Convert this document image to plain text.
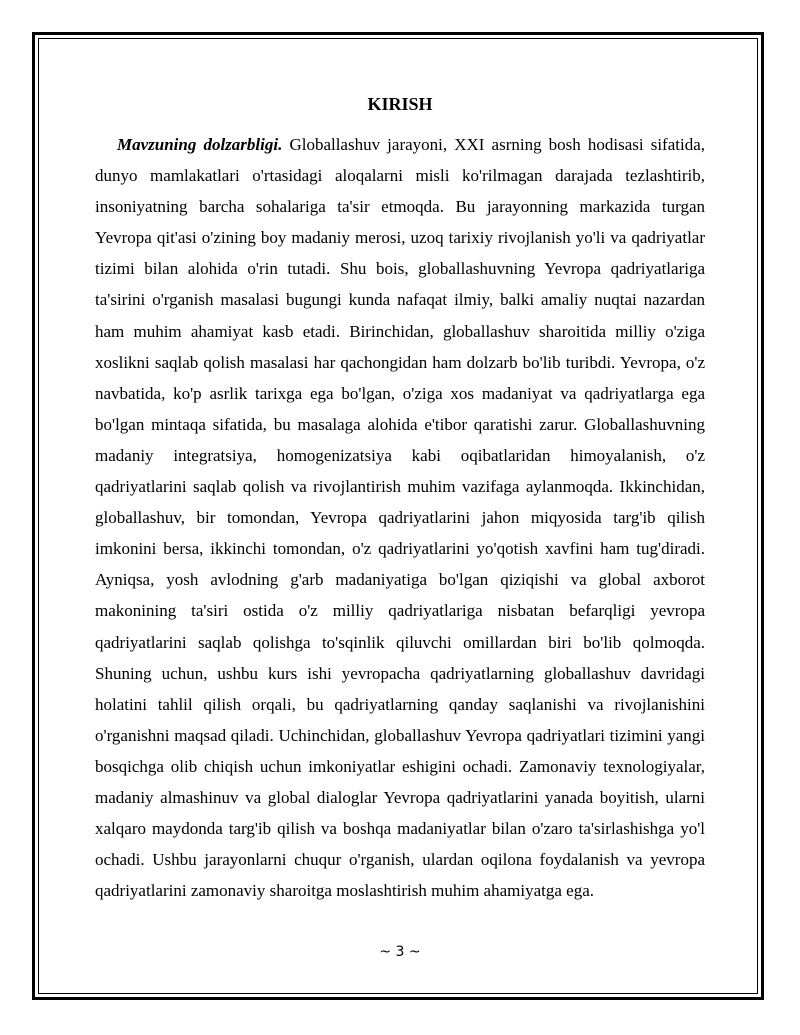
KIRISH

Mavzuning dolzarbligi. Globallashuv jarayoni, XXI asrning bosh hodisasi sifatida, dunyo mamlakatlari o'rtasidagi aloqalarni misli ko'rilmagan darajada tezlashtirib, insoniyatning barcha sohalariga ta'sir etmoqda. Bu jarayonning markazida turgan Yevropa qit'asi o'zining boy madaniy merosi, uzoq tarixiy rivojlanish yo'li va qadriyatlar tizimi bilan alohida o'rin tutadi. Shu bois, globallashuvning Yevropa qadriyatlariga ta'sirini o'rganish masalasi bugungi kunda nafaqat ilmiy, balki amaliy nuqtai nazardan ham muhim ahamiyat kasb etadi. Birinchidan, globallashuv sharoitida milliy o'ziga xoslikni saqlab qolish masalasi har qachongidan ham dolzarb bo'lib turibdi. Yevropa, o'z navbatida, ko'p asrlik tarixga ega bo'lgan, o'ziga xos madaniyat va qadriyatlarga ega bo'lgan mintaqa sifatida, bu masalaga alohida e'tibor qaratishi zarur. Globallashuvning madaniy integratsiya, homogenizatsiya kabi oqibatlaridan himoyalanish, o'z qadriyatlarini saqlab qolish va rivojlantirish muhim vazifaga aylanmoqda. Ikkinchidan, globallashuv, bir tomondan, Yevropa qadriyatlarini jahon miqyosida targ'ib qilish imkonini bersa, ikkinchi tomondan, o'z qadriyatlarini yo'qotish xavfini ham tug'diradi. Ayniqsa, yosh avlodning g'arb madaniyatiga bo'lgan qiziqishi va global axborot makonining ta'siri ostida o'z milliy qadriyatlariga nisbatan befarqligi yevropa qadriyatlarini saqlab qolishga to'sqinlik qiluvchi omillardan biri bo'lib qolmoqda. Shuning uchun, ushbu kurs ishi yevropacha qadriyatlarning globallashuv davridagi holatini tahlil qilish orqali, bu qadriyatlarning qanday saqlanishi va rivojlanishini o'rganishni maqsad qiladi. Uchinchidan, globallashuv Yevropa qadriyatlari tizimini yangi bosqichga olib chiqish uchun imkoniyatlar eshigini ochadi. Zamonaviy texnologiyalar, madaniy almashinuv va global dialoglar Yevropa qadriyatlarini yanada boyitish, ularni xalqaro maydonda targ'ib qilish va boshqa madaniyatlar bilan o'zaro ta'sirlashishga yo'l ochadi. Ushbu jarayonlarni chuqur o'rganish, ulardan oqilona foydalanish va yevropa qadriyatlarini zamonaviy sharoitga moslashtirish muhim ahamiyatga ega.

~ 3 ~
